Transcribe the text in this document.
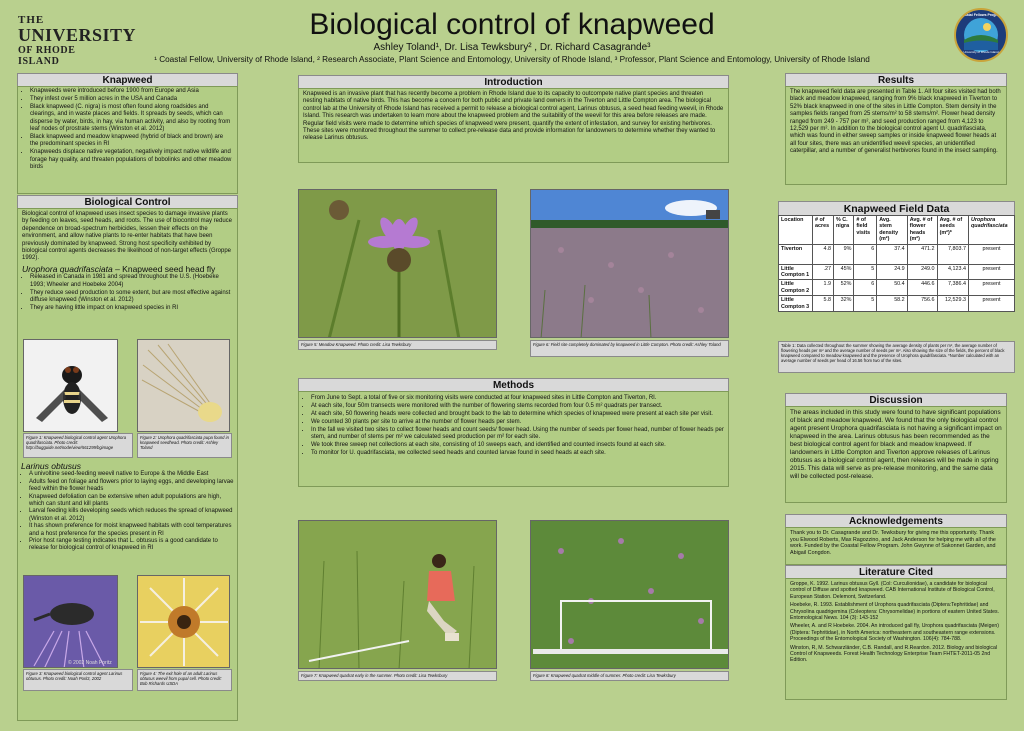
THE
UNIVERSITY
OF RHODE ISLAND
Biological control of knapweed
Ashley Toland¹, Dr. Lisa Tewksbury² , Dr. Richard Casagrande³
¹ Coastal Fellow, University of Rhode Island, ² Research Associate, Plant Science and Entomology, University of Rhode Island, ³ Professor, Plant Science and Entomology, University of Rhode Island
Coastal Fellows Program
University of Rhode Island
Knapweed
• Knapweeds were introduced before 1900 from Europe and Asia
• They infest over 5 million acres in the USA and Canada
• Black knapweed (C. nigra) is most often found along roadsides and clearings, and in waste places and fields. It spreads by seeds, which can disperse by water, birds, in hay, via human activity, and also by rooting from leaf nodes of prostrate stems (Winston et al. 2012)
• Black knapweed and meadow knapweed (hybrid of black and brown) are the predominant species in RI
• Knapweeds displace native vegetation, negatively impact native wildlife and forage hay quality, and threaten populations of bobolinks and other meadow birds
Biological Control

Biological control of knapweed uses insect species to damage invasive plants by feeding on leaves, seed heads, and roots. The use of biocontrol may reduce dependence on broad-spectrum herbicides, lessen their effects on the environment, and allow native plants to re-enter habitats that have been previously dominated by knapweed. Strong host specificity exhibited by biological control agents decreases the likelihood of non-target effects (Groppe 1992).

Urophora quadrifasciata – Knapweed seed head fly
• Released in Canada in 1981 and spread throughout the U.S. (Hoebeke 1993; Wheeler and Hoebeke 2004)
• They reduce seed production to some extent, but are most effective against diffuse knapweed (Winston et al. 2012)
• They are having little impact on knapweed species in RI
Figure 1: Knapweed biological control agent Urophora quadrifasciata. Photo credit: http://bugguide.net/node/view/561299/bgimage
Figure 2: Urophora quadrifasciata pupa found in knapweed seedhead. Photo credit: Ashley Toland
Larinus obtusus
• A univoltine seed-feeding weevil native to Europe & the Middle East
• Adults feed on foliage and flowers prior to laying eggs, and developing larvae feed within the flower heads
• Knapweed defoliation can be extensive when adult populations are high, which can stunt and kill plants
• Larval feeding kills developing seeds which reduces the spread of knapweed (Winston et al. 2012)
• It has shown preference for moist knapweed habitats with cool temperatures and a host preference for the species present in RI
• Prior host range testing indicates that L. obtusus is a good candidate to release for biological control of knapweed in RI
© 2002 Noah Poritz
Figure 3: Knapweed biological control agent Larinus obtusus. Photo credit: Noah Poritz, 2002
Figure 4: The exit hole of an adult Larinus obtusus weevil from pupal cell. Photo credit: Bob Richards USDA
Introduction

Knapweed is an invasive plant that has recently become a problem in Rhode Island due to its capacity to outcompete native plant species and threaten nesting habitats of native birds. This has become a concern for both public and private land owners in the Tiverton and Little Compton area. The biological control lab at the University of Rhode Island has received a permit to release a biological control agent, Larinus obtusus, a seed head feeding weevil, in Rhode Island. This research was undertaken to learn more about the knapweed problem and the suitability of the weevil for this area before releases are made. Regular field visits were made to determine which species of knapweed were present, quantify the extent of infestation, and survey for existing herbivores. These sites were monitored throughout the summer to collect pre-release data and provide information for landowners to determine whether they wanted to release Larinus obtusus.

Figure 5: Meadow Knapweed. Photo credit: Lisa Tewksbury	Figure 6: Field site completely dominated by knapweed in Little Compton. Photo credit: Ashley Toland
Methods
• From June to Sept. a total of five or six monitoring visits were conducted at four knapweed sites in Little Compton and Tiverton, RI.
• At each site, four 50m transects were monitored with the number of flowering stems recorded from four 0.5 m² quadrats per transect.
• At each site, 50 flowering heads were collected and brought back to the lab to determine which species of knapweed were present at each site per visit.
• We counted 30 plants per site to arrive at the number of flower heads per stem.
• In the fall we visited two sites to collect flower heads and count seeds/ flower head. Using the number of seeds per flower head, number of flower heads per stem, and number of stems per m² we calculated seed production per m² for each site.
• We took three sweep net collections at each site, consisting of 10 sweeps each, and identified and counted insects found at each site.
• To monitor for U. quadrifasciata, we collected seed heads and counted larvae found in seed heads at each site.
Figure 7: Knapweed quadrat early in the summer. Photo credit: Lisa Tewksbury	Figure 8: Knapweed quadrat middle of summer. Photo credit: Lisa Tewksbury
Results

The knapweed field data are presented in Table 1. All four sites visited had both black and meadow knapweed, ranging from 9% black knapweed in Tiverton to 52% black knapweed in one of the sites in Little Compton. Stem density in the samples fields ranged from 25 stems/m² to 58 stems/m². Flower head density ranged from 249 - 757 per m², and seed production ranged from 4,123 to 12,529 per m². In addition to the biological control agent U. quadrifasciata, which was found in either sweep samples or inside knapweed flower heads at all four sites, there was an unidentified weevil species, an unidentified caterpillar, and a number of generalist herbivores found in the insect sampling.

Knapweed Field Data
Location	# of acres	% C. nigra	# of field visits	Avg. stem density (m²)	Avg. # of flower heads (m²)	Avg. # of seeds (m²)*	Urophora quadrifasciata
Tiverton	4.8	9%	6	37.4	471.2	7,803.7	present
Little Compton 1	.27	45%	5	24.9	249.0	4,123.4	present
Little Compton 2	1.9	52%	6	50.4	446.6	7,386.4	present
Little Compton 3	5.8	32%	5	58.2	756.6	12,529.3	present
Table 1: Data collected throughout the summer showing the average density of plants per m², the average number of flowering heads per m² and the average number of seeds per m². Also showing the size of the fields, the percent of black knapweed compared to meadow knapweed and the presence of Urophora quadrifasciata. *Number calculated with an average number of seeds per head of 16.56 from two of the sites.
Discussion

The areas included in this study were found to have significant populations of black and meadow knapweed. We found that the only biological control agent present Urophora quadrifasciata is not having a significant impact on knapweed in the area. Larinus obtusus has been recommended as the best biological control agent for black and meadow knapweed. If landowners in Little Compton and Tiverton approve releases of Larinus obtusus as a biological control agent, then releases will be made in spring 2015. This data will serve as pre-release monitoring, and the same data will be collected post-release.

Acknowledgements

Thank you to Dr. Casagrande and Dr. Tewksbury for giving me this opportunity. Thank you Elwood Roberts, Max Ragozzino, and Jack Anderson for helping me with all of the work. Funded by the Coastal Fellow Program. John Gwynne of Sakonnet Garden, and Abigail Congdon.

Literature Cited

Groppe, K. 1992. Larinus obtusus Gyll. (Col: Curculionidae), a candidate for biological control of Diffuse and spotted knapweed. CAB International Institute of Biological Control, European Station. Delemont, Switzerland.

Hoebeke, R. 1993. Establishment of Urophora quadrifasciata (Diptera:Tephritidae) and Chrysolina quadrigemina (Coleoptera: Chrysomelidae) in portions of eastern United States. Entomological News. 104 (3): 143-152

Wheeler, A. and R Hoebeke. 2004. An introduced gall fly, Urophora quadrifasciata (Meigen) (Diptera: Tephritidae), in North America: northeastern and southeastern range extensions. Proceedings of the Entomological Society of Washington. 106(4): 784-788.

Winston, R, M. Schwarzländer, C.B. Randall, and R.Reardon. 2012. Biology and biological Control of Knapweeds. Forest Health Technology Enterprise Team FHTET-2011-05 2nd Edition.
